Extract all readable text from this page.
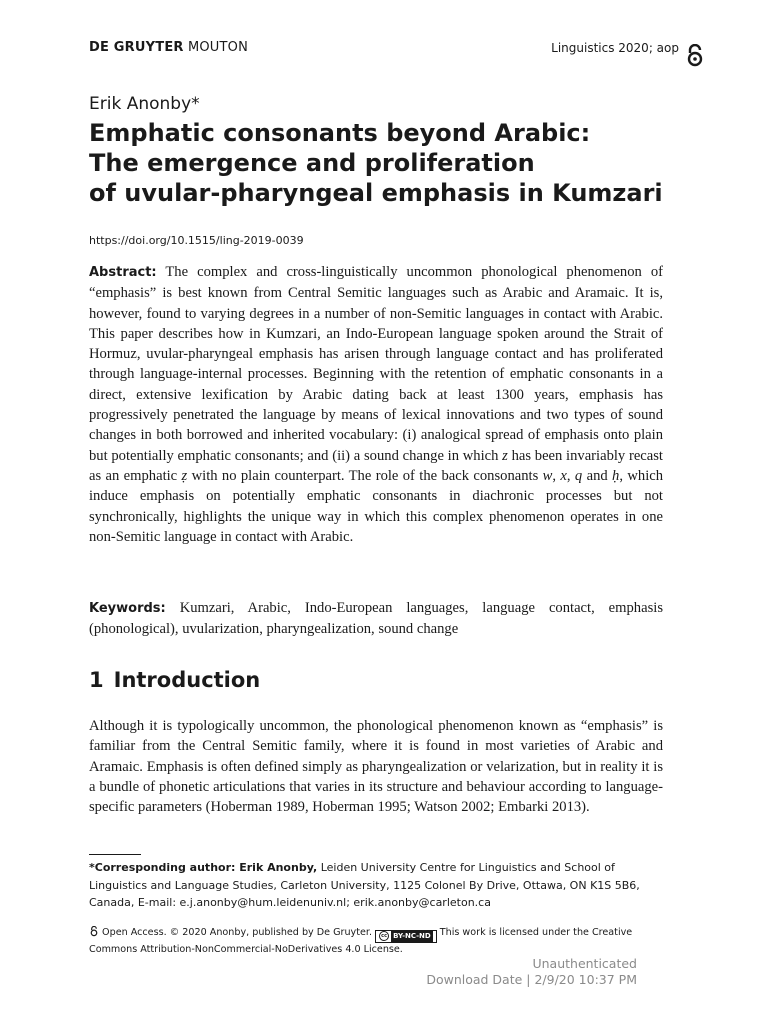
DE GRUYTER MOUTON	Linguistics 2020; aop
Erik Anonby*
Emphatic consonants beyond Arabic:
The emergence and proliferation
of uvular-pharyngeal emphasis in Kumzari
https://doi.org/10.1515/ling-2019-0039
Abstract: The complex and cross-linguistically uncommon phonological phenomenon of “emphasis” is best known from Central Semitic languages such as Arabic and Aramaic. It is, however, found to varying degrees in a number of non-Semitic languages in contact with Arabic. This paper describes how in Kumzari, an Indo-European language spoken around the Strait of Hormuz, uvular-pharyngeal emphasis has arisen through language contact and has proliferated through language-internal processes. Beginning with the retention of emphatic consonants in a direct, extensive lexification by Arabic dating back at least 1300 years, emphasis has progressively penetrated the language by means of lexical innovations and two types of sound changes in both borrowed and inherited vocabulary: (i) analogical spread of emphasis onto plain but potentially emphatic consonants; and (ii) a sound change in which z has been invariably recast as an emphatic ẓ with no plain counterpart. The role of the back consonants w, x, q and ḥ, which induce emphasis on potentially emphatic consonants in diachronic processes but not synchronically, highlights the unique way in which this complex phenomenon operates in one non-Semitic language in contact with Arabic.
Keywords: Kumzari, Arabic, Indo-European languages, language contact, emphasis (phonological), uvularization, pharyngealization, sound change
1 Introduction
Although it is typologically uncommon, the phonological phenomenon known as “emphasis” is familiar from the Central Semitic family, where it is found in most varieties of Arabic and Aramaic. Emphasis is often defined simply as pharyngealization or velarization, but in reality it is a bundle of phonetic articulations that varies in its structure and behaviour according to language-specific parameters (Hoberman 1989, Hoberman 1995; Watson 2002; Embarki 2013).
*Corresponding author: Erik Anonby, Leiden University Centre for Linguistics and School of Linguistics and Language Studies, Carleton University, 1125 Colonel By Drive, Ottawa, ON K1S 5B6, Canada, E-mail: e.j.anonby@hum.leidenuniv.nl; erik.anonby@carleton.ca
Open Access. © 2020 Anonby, published by De Gruyter.	cc BY-NC-ND This work is licensed under the Creative Commons Attribution-NonCommercial-NoDerivatives 4.0 License.
Unauthenticated
Download Date | 2/9/20 10:37 PM
